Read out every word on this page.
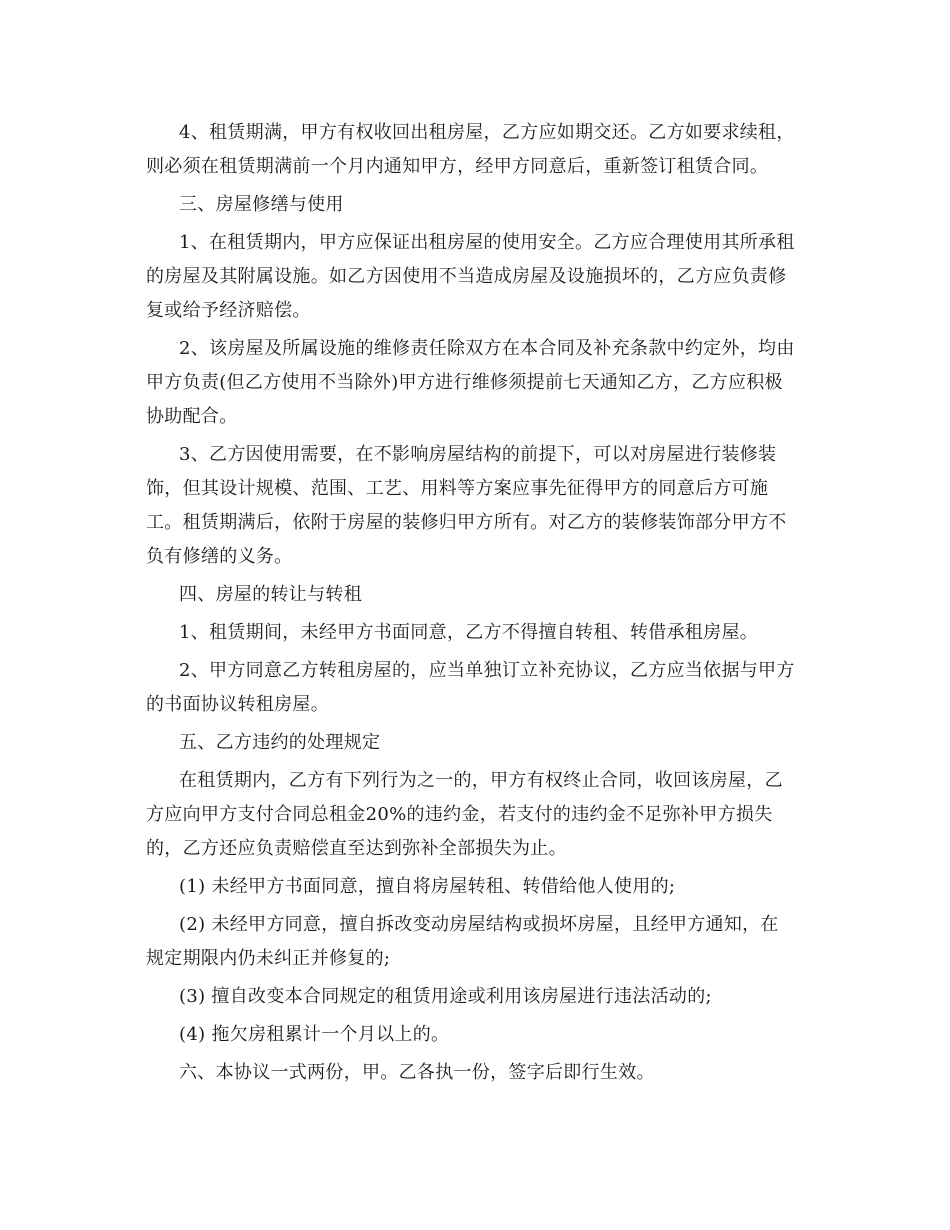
4、租赁期满，甲方有权收回出租房屋，乙方应如期交还。乙方如要求续租，
则必须在租赁期满前一个月内通知甲方，经甲方同意后，重新签订租赁合同。
三、房屋修缮与使用
1、在租赁期内，甲方应保证出租房屋的使用安全。乙方应合理使用其所承租
的房屋及其附属设施。如乙方因使用不当造成房屋及设施损坏的，乙方应负责修
复或给予经济赔偿。
2、该房屋及所属设施的维修责任除双方在本合同及补充条款中约定外，均由
甲方负责(但乙方使用不当除外)甲方进行维修须提前七天通知乙方，乙方应积极
协助配合。
3、乙方因使用需要，在不影响房屋结构的前提下，可以对房屋进行装修装
饰，但其设计规模、范围、工艺、用料等方案应事先征得甲方的同意后方可施
工。租赁期满后，依附于房屋的装修归甲方所有。对乙方的装修装饰部分甲方不
负有修缮的义务。
四、房屋的转让与转租
1、租赁期间，未经甲方书面同意，乙方不得擅自转租、转借承租房屋。
2、甲方同意乙方转租房屋的，应当单独订立补充协议，乙方应当依据与甲方
的书面协议转租房屋。
五、乙方违约的处理规定
在租赁期内，乙方有下列行为之一的，甲方有权终止合同，收回该房屋，乙
方应向甲方支付合同总租金20%的违约金，若支付的违约金不足弥补甲方损失
的，乙方还应负责赔偿直至达到弥补全部损失为止。
(1) 未经甲方书面同意，擅自将房屋转租、转借给他人使用的;
(2) 未经甲方同意，擅自拆改变动房屋结构或损坏房屋，且经甲方通知，在
规定期限内仍未纠正并修复的;
(3) 擅自改变本合同规定的租赁用途或利用该房屋进行违法活动的;
(4) 拖欠房租累计一个月以上的。
六、本协议一式两份，甲。乙各执一份，签字后即行生效。
